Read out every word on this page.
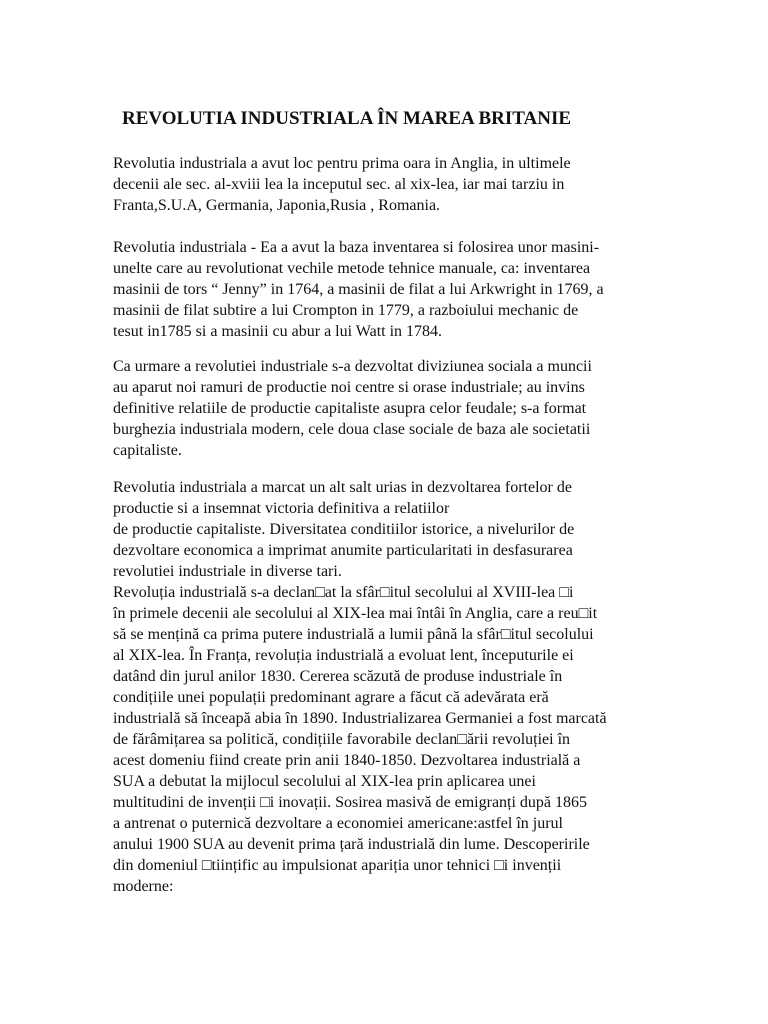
REVOLUTIA INDUSTRIALA ÎN MAREA BRITANIE
Revolutia industriala a avut loc pentru prima oara in Anglia, in ultimele
decenii ale sec. al-xviii lea la inceputul sec. al xix-lea, iar mai tarziu in
Franta,S.U.A, Germania, Japonia,Rusia , Romania.
Revolutia industriala - Ea a avut la baza inventarea si folosirea unor masini-
unelte care au revolutionat vechile metode tehnice manuale, ca: inventarea
masinii de tors “ Jenny” in 1764, a masinii de filat a lui Arkwright in 1769, a
masinii de filat subtire a lui Crompton in 1779, a razboiului mechanic de
tesut in1785 si a masinii cu abur a lui Watt in 1784.
Ca urmare a revolutiei industriale s-a dezvoltat diviziunea sociala a muncii
au aparut noi ramuri de productie noi centre si orase industriale; au invins
definitive relatiile de productie capitaliste asupra celor feudale; s-a format
burghezia industriala modern, cele doua clase sociale de baza ale societatii
capitaliste.
Revolutia industriala a marcat un alt salt urias in dezvoltarea fortelor de
productie si a insemnat victoria definitiva a relatiilor
de productie capitaliste. Diversitatea conditiilor istorice, a nivelurilor de
dezvoltare economica a imprimat anumite particularitati in desfasurarea
revolutiei industriale in diverse tari.
Revoluția industrială s-a declan□at la sfâr□itul secolului al XVIII-lea □i
în primele decenii ale secolului al XIX-lea mai întâi în Anglia, care a reu□it
să se mențină ca prima putere industrială a lumii până la sfâr□itul secolului
al XIX-lea. În Franța, revoluția industrială a evoluat lent, începuturile ei
datând din jurul anilor 1830. Cererea scăzută de produse industriale în
condițiile unei populații predominant agrare a făcut că adevărata eră
industrială să înceapă abia în 1890. Industrializarea Germaniei a fost marcată
de fărâmițarea sa politică, condițiile favorabile declan□ării revoluției în
acest domeniu fiind create prin anii 1840-1850. Dezvoltarea industrială a
SUA a debutat la mijlocul secolului al XIX-lea prin aplicarea unei
multitudini de invenții □i inovații. Sosirea masivă de emigranți după 1865
a antrenat o puternică dezvoltare a economiei americane:astfel în jurul
anului 1900 SUA au devenit prima țară industrială din lume. Descoperirile
din domeniul □tiințific au impulsionat apariția unor tehnici □i invenții
moderne:
